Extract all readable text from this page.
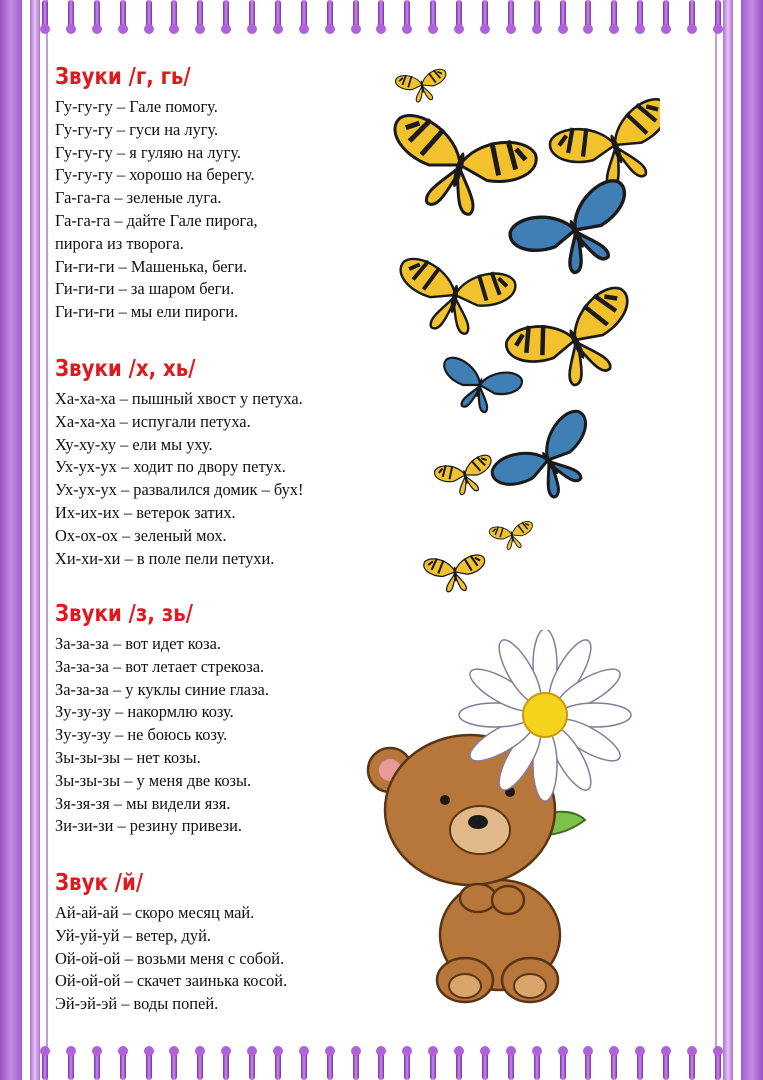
Звуки /г, гь/

Гу-гу-гу – Гале помогу.

Гу-гу-гу – гуси на лугу.

Гу-гу-гу – я гуляю на лугу.

Гу-гу-гу – хорошо на берегу.

Га-га-га – зеленые луга.

Га-га-га – дайте Гале пирога,

пирога из творога.

Ги-ги-ги – Машенька, беги.

Ги-ги-ги – за шаром беги.

Ги-ги-ги – мы ели пироги.

Звуки /х, хь/

Ха-ха-ха – пышный хвост у петуха.

Ха-ха-ха – испугали петуха.

Ху-ху-ху – ели мы уху.

Ух-ух-ух – ходит по двору петух.

Ух-ух-ух – развалился домик – бух!

Их-их-их – ветерок затих.

Ох-ох-ох – зеленый мох.

Хи-хи-хи – в поле пели петухи.

Звуки /з, зь/

За-за-за – вот идет коза.

За-за-за – вот летает стрекоза.

За-за-за – у куклы синие глаза.

Зу-зу-зу – накормлю козу.

Зу-зу-зу – не боюсь козу.

Зы-зы-зы – нет козы.

Зы-зы-зы – у меня две козы.

Зя-зя-зя – мы видели язя.

Зи-зи-зи – резину привези.

Звук /й/

Ай-ай-ай – скоро месяц май.

Уй-уй-уй – ветер, дуй.

Ой-ой-ой – возьми меня с собой.

Ой-ой-ой – скачет заинька косой.

Эй-эй-эй – воды попей.
